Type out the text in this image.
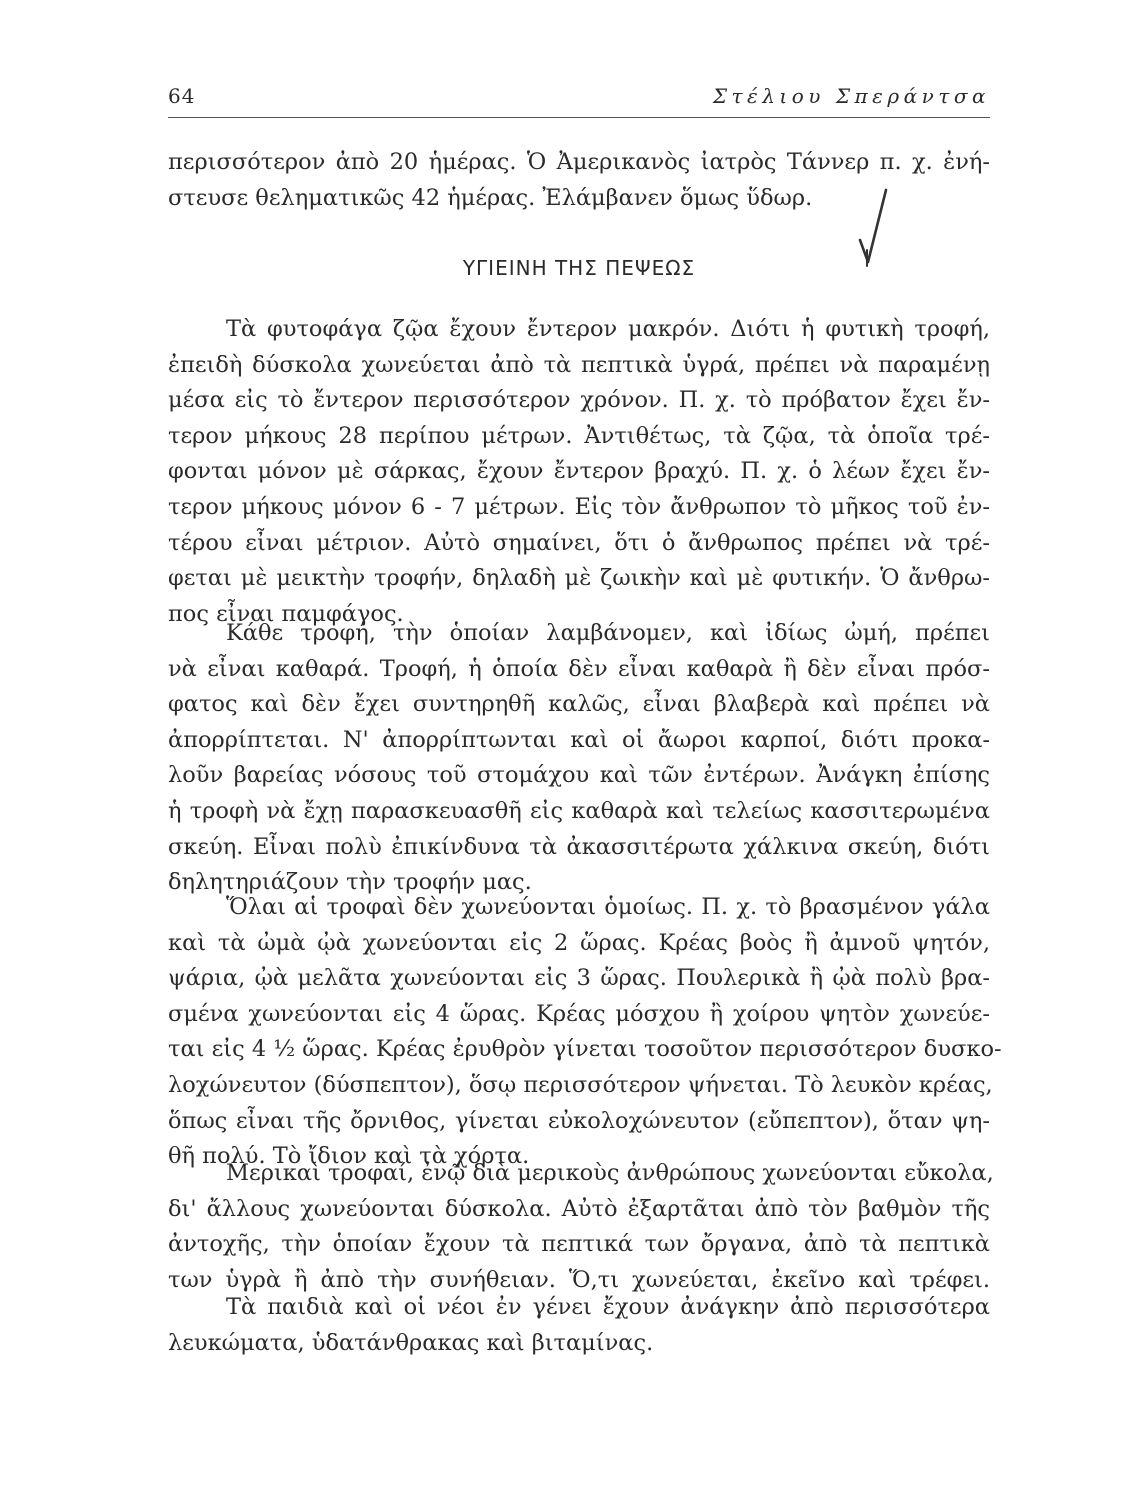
64	Στέλιου Σπεράντσα
περισσότερον ἀπὸ 20 ἡμέρας. Ὁ Ἀμερικανὸς ἰατρὸς Τάννερ π. χ. ἐνή-
στευσε θεληματικῶς 42 ἡμέρας. Ἐλάμβανεν ὅμως ὕδωρ.
ΥΓΙΕΙΝΗ ΤΗΣ ΠΕΨΕΩΣ
Τὰ φυτοφάγα ζῷα ἔχουν ἔντερον μακρόν. Διότι ἡ φυτικὴ τροφή,
ἐπειδὴ δύσκολα χωνεύεται ἀπὸ τὰ πεπτικὰ ὑγρά, πρέπει νὰ παραμένῃ
μέσα εἰς τὸ ἔντερον περισσότερον χρόνον. Π. χ. τὸ πρόβατον ἔχει ἔν-
τερον μήκους 28 περίπου μέτρων. Ἀντιθέτως, τὰ ζῷα, τὰ ὁποῖα τρέ-
φονται μόνον μὲ σάρκας, ἔχουν ἔντερον βραχύ. Π. χ. ὁ λέων ἔχει ἔν-
τερον μήκους μόνον 6 - 7 μέτρων. Εἰς τὸν ἄνθρωπον τὸ μῆκος τοῦ ἐν-
τέρου εἶναι μέτριον. Αὐτὸ σημαίνει, ὅτι ὁ ἄνθρωπος πρέπει νὰ τρέ-
φεται μὲ μεικτὴν τροφήν, δηλαδὴ μὲ ζωικὴν καὶ μὲ φυτικήν. Ὁ ἄνθρω-
πος εἶναι παμφάγος.
Κάθε τροφή, τὴν ὁποίαν λαμβάνομεν, καὶ ἰδίως ὠμή, πρέπει
νὰ εἶναι καθαρά. Τροφή, ἡ ὁποία δὲν εἶναι καθαρὰ ἢ δὲν εἶναι πρόσ-
φατος καὶ δὲν ἔχει συντηρηθῆ καλῶς, εἶναι βλαβερὰ καὶ πρέπει νὰ
ἀπορρίπτεται. Ν' ἀπορρίπτωνται καὶ οἱ ἄωροι καρποί, διότι προκα-
λοῦν βαρείας νόσους τοῦ στομάχου καὶ τῶν ἐντέρων. Ἀνάγκη ἐπίσης
ἡ τροφὴ νὰ ἔχῃ παρασκευασθῆ εἰς καθαρὰ καὶ τελείως κασσιτερωμένα
σκεύη. Εἶναι πολὺ ἐπικίνδυνα τὰ ἀκασσιτέρωτα χάλκινα σκεύη, διότι
δηλητηριάζουν τὴν τροφήν μας.
Ὅλαι αἱ τροφαὶ δὲν χωνεύονται ὁμοίως. Π. χ. τὸ βρασμένον γάλα
καὶ τὰ ὠμὰ ᾠὰ χωνεύονται εἰς 2 ὥρας. Κρέας βοὸς ἢ ἀμνοῦ ψητόν,
ψάρια, ᾠὰ μελᾶτα χωνεύονται εἰς 3 ὥρας. Πουλερικὰ ἢ ᾠὰ πολὺ βρα-
σμένα χωνεύονται εἰς 4 ὥρας. Κρέας μόσχου ἢ χοίρου ψητὸν χωνεύε-
ται εἰς 4 ½ ὥρας. Κρέας ἐρυθρὸν γίνεται τοσοῦτον περισσότερον δυσκο-
λοχώνευτον (δύσπεπτον), ὅσῳ περισσότερον ψήνεται. Τὸ λευκὸν κρέας,
ὅπως εἶναι τῆς ὄρνιθος, γίνεται εὐκολοχώνευτον (εὔπεπτον), ὅταν ψη-
θῆ πολύ. Τὸ ἴδιον καὶ τὰ χόρτα.
Μερικαὶ τροφαί, ἐνῷ διὰ μερικοὺς ἀνθρώπους χωνεύονται εὔκολα,
δι' ἄλλους χωνεύονται δύσκολα. Αὐτὸ ἐξαρτᾶται ἀπὸ τὸν βαθμὸν τῆς
ἀντοχῆς, τὴν ὁποίαν ἔχουν τὰ πεπτικά των ὄργανα, ἀπὸ τὰ πεπτικὰ
των ὑγρὰ ἢ ἀπὸ τὴν συνήθειαν. Ὅ,τι χωνεύεται, ἐκεῖνο καὶ τρέφει.
Τὰ παιδιὰ καὶ οἱ νέοι ἐν γένει ἔχουν ἀνάγκην ἀπὸ περισσότερα
λευκώματα, ὑδατάνθρακας καὶ βιταμίνας.
